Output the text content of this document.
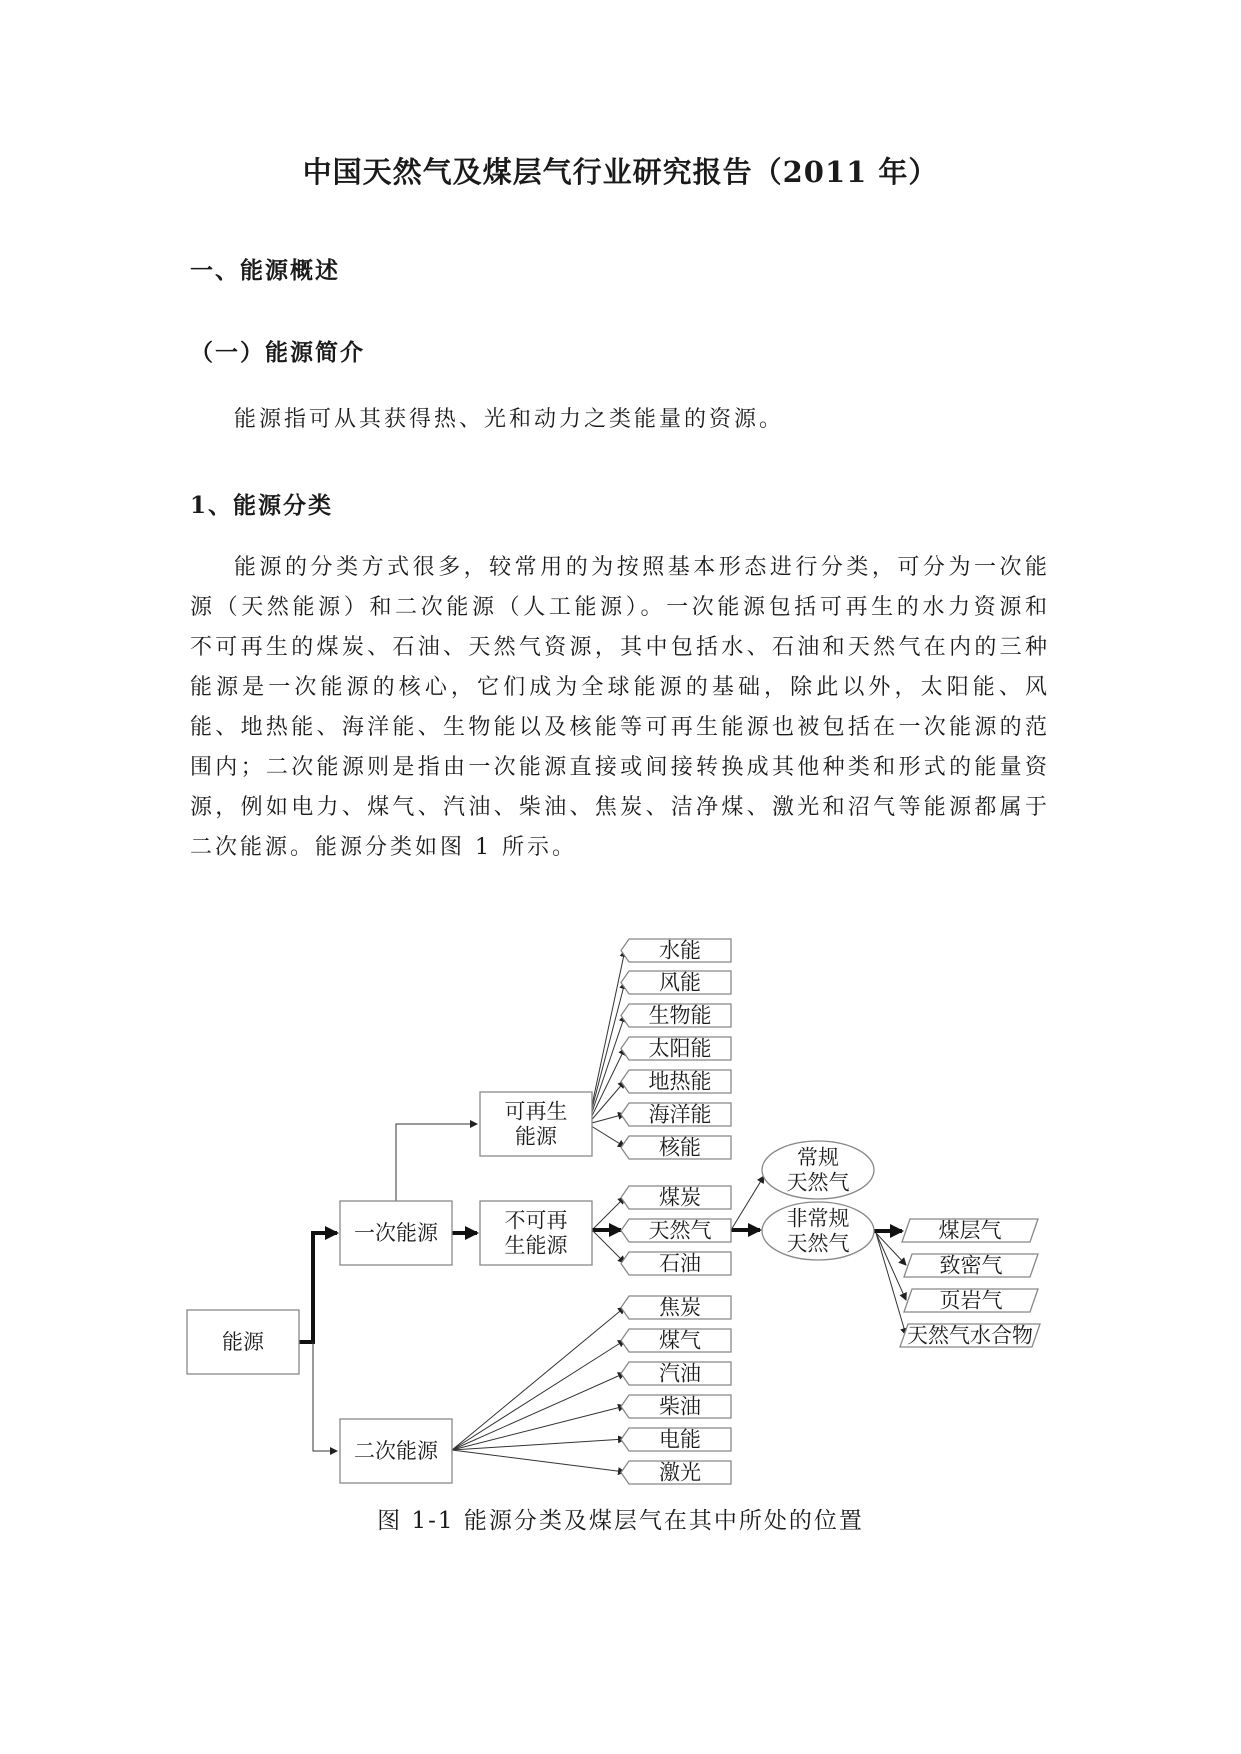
中国天然气及煤层气行业研究报告（2011 年）
一、能源概述
（一）能源简介
能源指可从其获得热、光和动力之类能量的资源。
1、能源分类
能源的分类方式很多，较常用的为按照基本形态进行分类，可分为一次能源（天然能源）和二次能源（人工能源）。一次能源包括可再生的水力资源和不可再生的煤炭、石油、天然气资源，其中包括水、石油和天然气在内的三种能源是一次能源的核心，它们成为全球能源的基础，除此以外，太阳能、风能、地热能、海洋能、生物能以及核能等可再生能源也被包括在一次能源的范围内；二次能源则是指由一次能源直接或间接转换成其他种类和形式的能量资源，例如电力、煤气、汽油、柴油、焦炭、洁净煤、激光和沼气等能源都属于二次能源。能源分类如图 1 所示。
能源
一次能源
二次能源
可再生
能源
不可再
生能源
水能
风能
生物能
太阳能
地热能
海洋能
核能
煤炭
天然气
石油
焦炭
煤气
汽油
柴油
电能
激光
常规
天然气
非常规
天然气
煤层气
致密气
页岩气
天然气水合物
图 1-1 能源分类及煤层气在其中所处的位置
